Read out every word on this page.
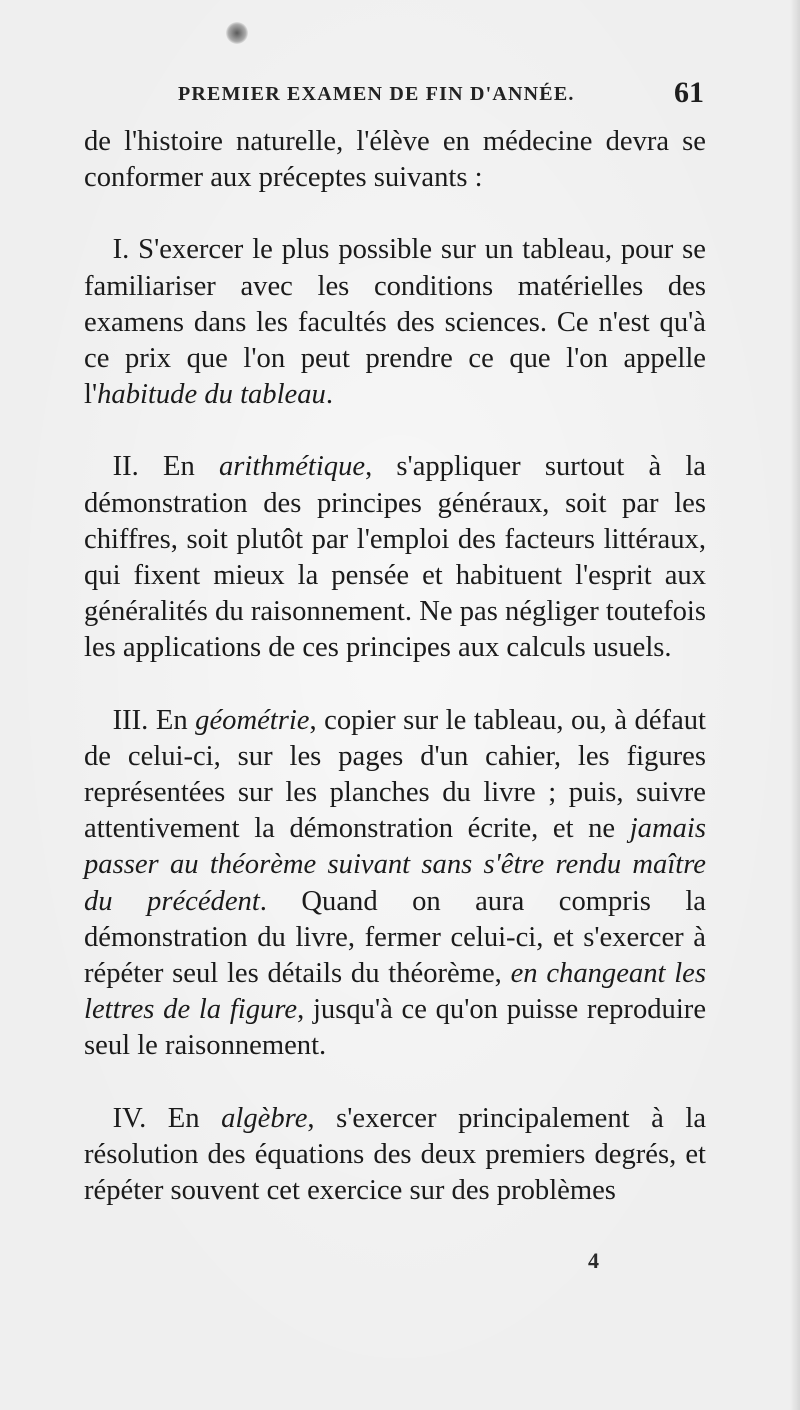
PREMIER EXAMEN DE FIN D'ANNÉE.	61

de l'histoire naturelle, l'élève en médecine devra se conformer aux préceptes suivants :

 I. S'exercer le plus possible sur un tableau, pour se familiariser avec les conditions matérielles des examens dans les facultés des sciences. Ce n'est qu'à ce prix que l'on peut prendre ce que l'on appelle l'habitude du tableau.

 II. En arithmétique, s'appliquer surtout à la démonstration des principes généraux, soit par les chiffres, soit plutôt par l'emploi des facteurs littéraux, qui fixent mieux la pensée et habituent l'esprit aux généralités du raisonnement. Ne pas négliger toutefois les applications de ces principes aux calculs usuels.

 III. En géométrie, copier sur le tableau, ou, à défaut de celui-ci, sur les pages d'un cahier, les figures représentées sur les planches du livre ; puis, suivre attentivement la démonstration écrite, et ne jamais passer au théorème suivant sans s'être rendu maître du précédent. Quand on aura compris la démonstration du livre, fermer celui-ci, et s'exercer à répéter seul les détails du théorème, en changeant les lettres de la figure, jusqu'à ce qu'on puisse reproduire seul le raisonnement.

 IV. En algèbre, s'exercer principalement à la résolution des équations des deux premiers degrés, et répéter souvent cet exercice sur des problèmes

4
